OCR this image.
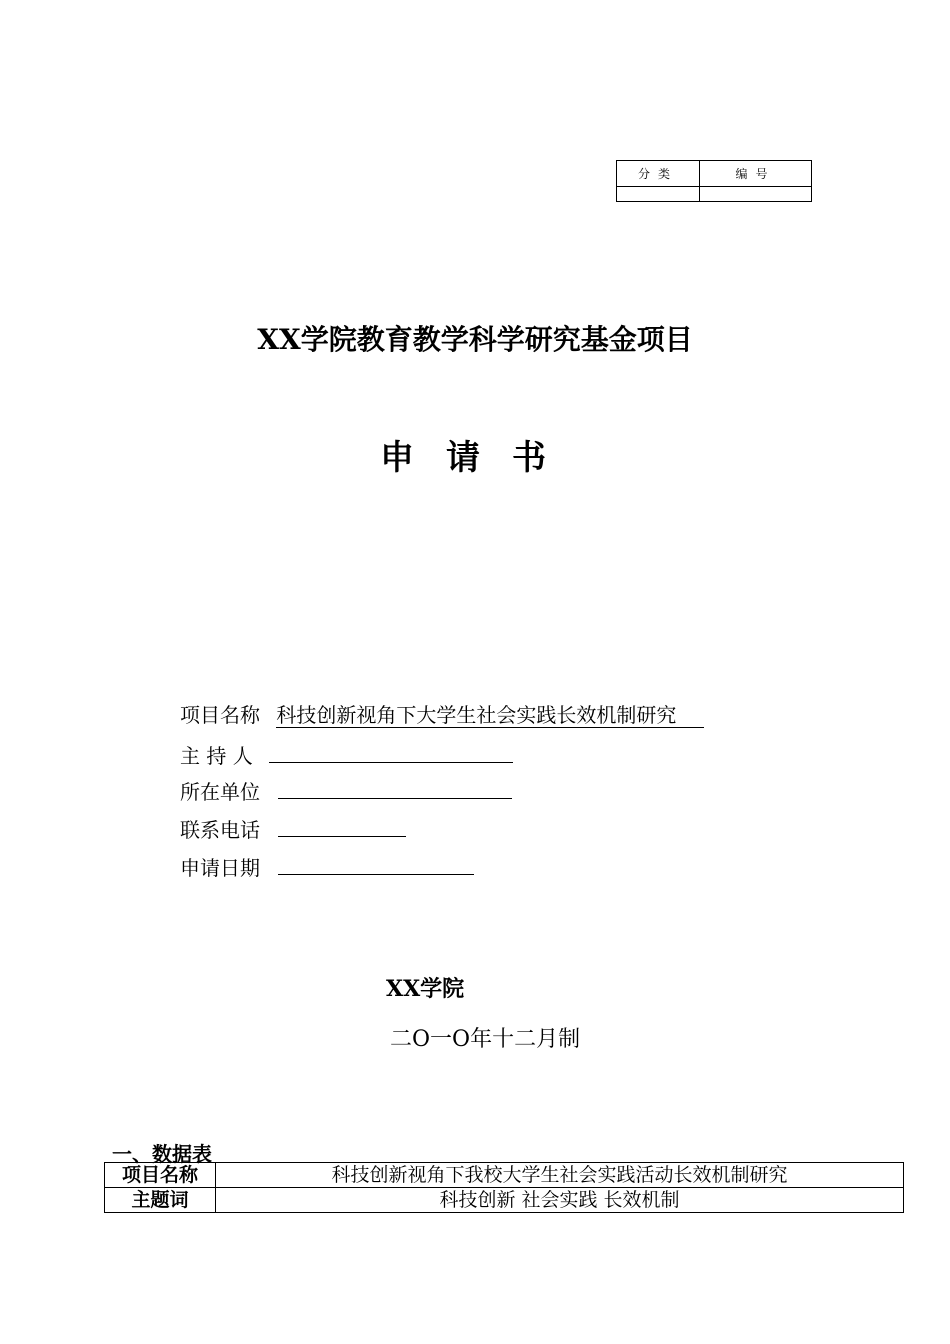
分类	编号

XX学院教育教学科学研究基金项目
申请书
项目名称 科技创新视角下大学生社会实践长效机制研究
主 持 人
所在单位
联系电话
申请日期
XX学院
二O一O年十二月制
一、数据表
项目名称	科技创新视角下我校大学生社会实践活动长效机制研究
主题词	科技创新 社会实践 长效机制
